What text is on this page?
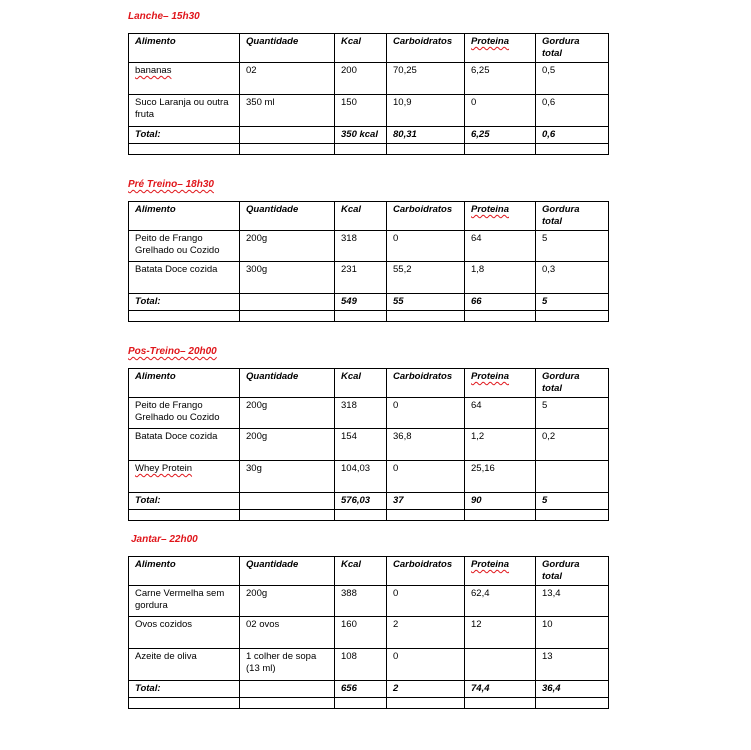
Lanche– 15h30
Alimento	Quantidade	Kcal	Carboidratos	Proteina	Gordura total
bananas	02	200	70,25	6,25	0,5
Suco Laranja ou outra fruta	350 ml	150	10,9	0	0,6
Total:		350 kcal	80,31	6,25	0,6

Pré Treino– 18h30
Alimento	Quantidade	Kcal	Carboidratos	Proteina	Gordura total
Peito de Frango Grelhado ou Cozido	200g	318	0	64	5
Batata Doce cozida	300g	231	55,2	1,8	0,3
Total:		549	55	66	5

Pos-Treino– 20h00
Alimento	Quantidade	Kcal	Carboidratos	Proteina	Gordura total
Peito de Frango Grelhado ou Cozido	200g	318	0	64	5
Batata Doce cozida	200g	154	36,8	1,2	0,2
Whey Protein	30g	104,03	0	25,16	
Total:		576,03	37	90	5

Jantar– 22h00
Alimento	Quantidade	Kcal	Carboidratos	Proteina	Gordura total
Carne Vermelha sem gordura	200g	388	0	62,4	13,4
Ovos cozidos	02 ovos	160	2	12	10
Azeite de oliva	1 colher de sopa (13 ml)	108	0		13
Total:		656	2	74,4	36,4
